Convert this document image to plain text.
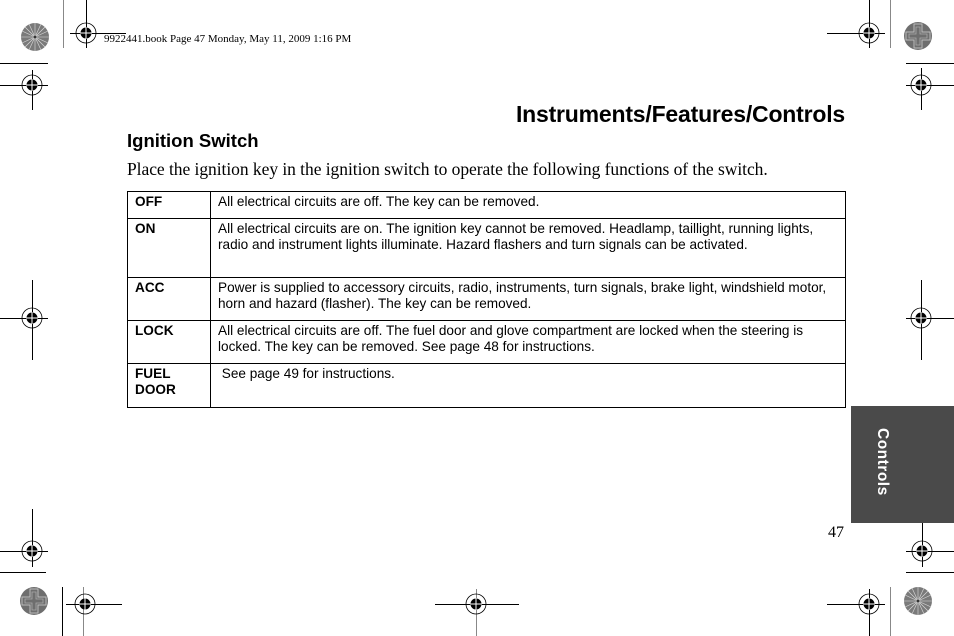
9922441.book Page 47 Monday, May 11, 2009 1:16 PM
Instruments/Features/Controls
Ignition Switch
Place the ignition key in the ignition switch to operate the following functions of the switch.
OFF	All electrical circuits are off. The key can be removed.
ON	All electrical circuits are on. The ignition key cannot be removed. Headlamp, taillight, running lights, radio and instrument lights illuminate. Hazard flashers and turn signals can be activated.
ACC	Power is supplied to accessory circuits, radio, instruments, turn signals, brake light, windshield motor, horn and hazard (flasher). The key can be removed.
LOCK	All electrical circuits are off. The fuel door and glove compartment are locked when the steering is locked. The key can be removed. See page 48 for instructions.
FUEL DOOR	See page 49 for instructions.
Controls
47
